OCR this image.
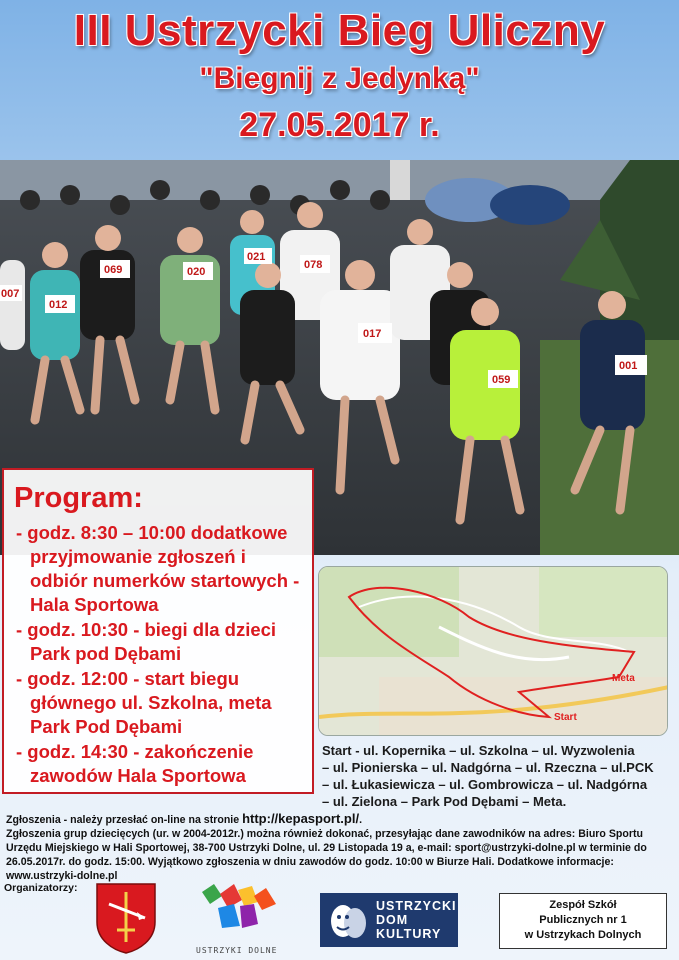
III Ustrzycki Bieg Uliczny
"Biegnij z Jedynką"
27.05.2017 r.
069	020
012
078
017
001
059
021
007
Program:
- godz. 8:30 – 10:00 dodatkowe przyjmowanie zgłoszeń i odbiór numerków startowych - Hala Sportowa
- godz. 10:30 - biegi dla dzieci Park pod Dębami
- godz. 12:00 - start biegu głównego ul. Szkolna, meta Park Pod Dębami
- godz. 14:30 - zakończenie zawodów Hala Sportowa
Meta
Start
Start - ul. Kopernika – ul. Szkolna – ul. Wyzwolenia
– ul. Pionierska – ul. Nadgórna – ul. Rzeczna – ul.PCK
– ul. Łukasiewicza – ul. Gombrowicza – ul. Nadgórna
– ul. Zielona – Park Pod Dębami – Meta.
Zgłoszenia - należy przesłać on-line na stronie http://kepasport.pl/.
Zgłoszenia grup dziecięcych (ur. w 2004-2012r.) można również dokonać, przesyłając dane zawodników na adres: Biuro Sportu Urzędu Miejskiego w Hali Sportowej, 38-700 Ustrzyki Dolne, ul. 29 Listopada 19 a, e-mail: sport@ustrzyki-dolne.pl w terminie do 26.05.2017r. do godz. 15:00. Wyjątkowo zgłoszenia w dniu zawodów do godz. 10:00 w Biurze Hali. Dodatkowe informacje: www.ustrzyki-dolne.pl
Organizatorzy:
USTRZYKI DOLNE
USTRZYCKI
DOM
KULTURY
Zespół Szkół
Publicznych nr 1
w Ustrzykach Dolnych
